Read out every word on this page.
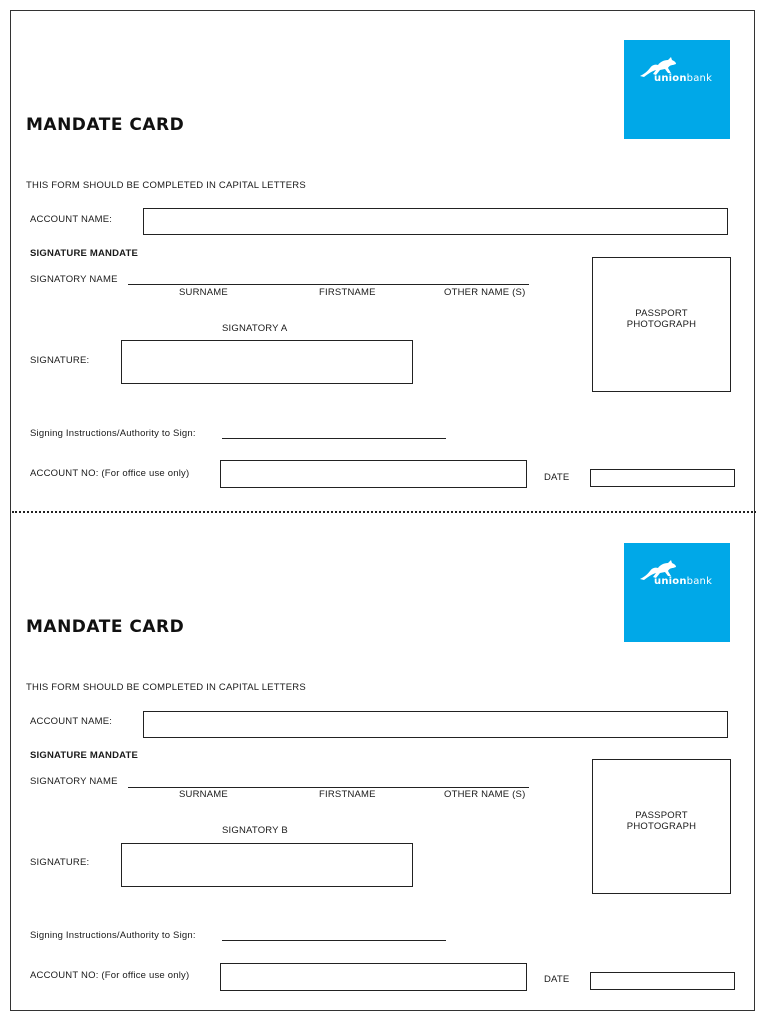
unionbank
MANDATE CARD
THIS FORM SHOULD BE COMPLETED IN CAPITAL LETTERS
ACCOUNT NAME:
SIGNATURE MANDATE
SIGNATORY NAME
SURNAME	FIRSTNAME	OTHER NAME (S)
PASSPORT
PHOTOGRAPH
SIGNATORY A
SIGNATURE:
Signing Instructions/Authority to Sign:
ACCOUNT NO: (For office use only)	DATE
unionbank
MANDATE CARD
THIS FORM SHOULD BE COMPLETED IN CAPITAL LETTERS
ACCOUNT NAME:
SIGNATURE MANDATE
SIGNATORY NAME
SURNAME	FIRSTNAME	OTHER NAME (S)
PASSPORT
PHOTOGRAPH
SIGNATORY B
SIGNATURE:
Signing Instructions/Authority to Sign:
ACCOUNT NO: (For office use only)	DATE
